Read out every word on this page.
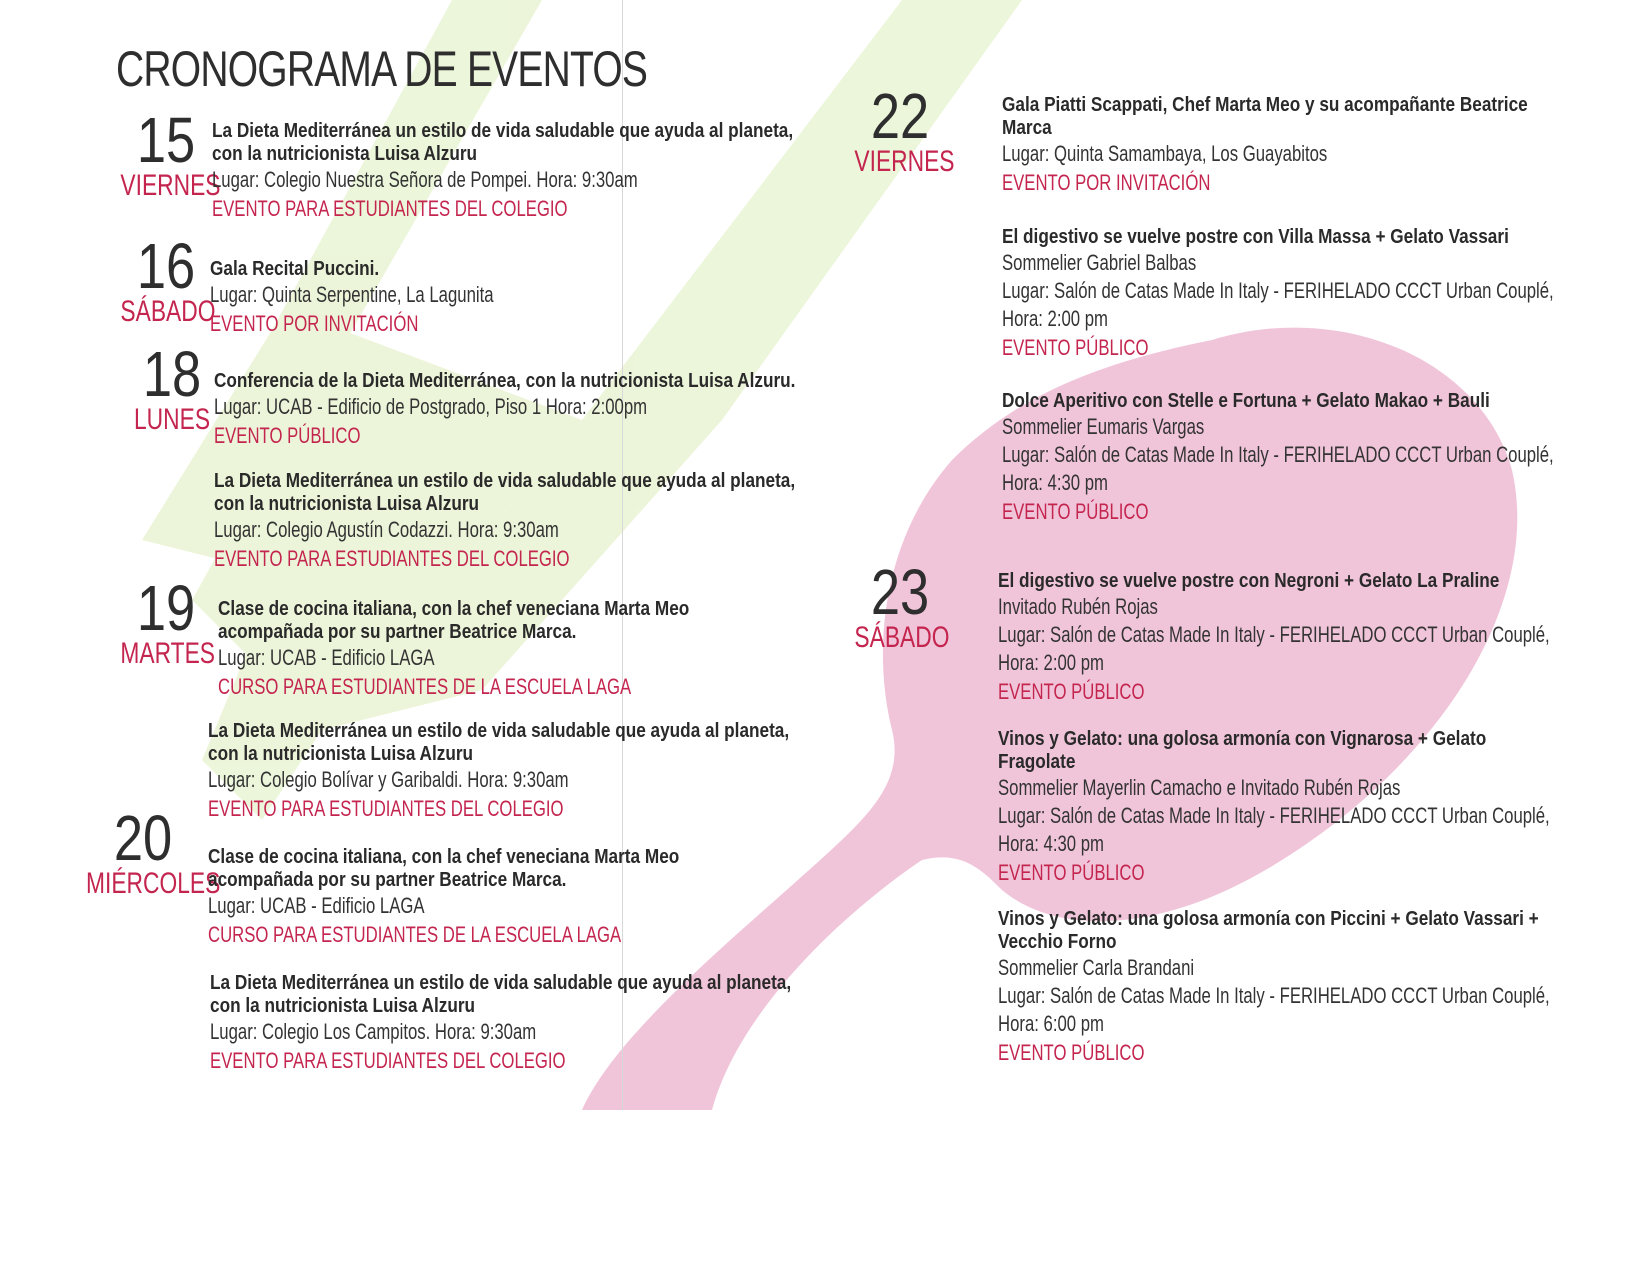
CRONOGRAMA DE EVENTOS
15
VIERNES
16
SÁBADO
18
LUNES
19
MARTES
20
MIÉRCOLES
22
VIERNES
23
SÁBADO
La Dieta Mediterránea un estilo de vida saludable que ayuda al planeta, con la nutricionista Luisa Alzuru
Lugar: Colegio Nuestra Señora de Pompei. Hora: 9:30am
EVENTO PARA ESTUDIANTES DEL COLEGIO
Gala Recital Puccini.
Lugar: Quinta Serpentine, La Lagunita
EVENTO POR INVITACIÓN
Conferencia de la Dieta Mediterránea, con la nutricionista Luisa Alzuru.
Lugar: UCAB - Edificio de Postgrado, Piso 1 Hora: 2:00pm
EVENTO PÚBLICO
La Dieta Mediterránea un estilo de vida saludable que ayuda al planeta, con la nutricionista Luisa Alzuru
Lugar: Colegio Agustín Codazzi. Hora: 9:30am
EVENTO PARA ESTUDIANTES DEL COLEGIO
Clase de cocina italiana, con la chef veneciana Marta Meo acompañada por su partner Beatrice Marca.
Lugar: UCAB - Edificio LAGA
CURSO PARA ESTUDIANTES DE LA ESCUELA LAGA
La Dieta Mediterránea un estilo de vida saludable que ayuda al planeta, con la nutricionista Luisa Alzuru
Lugar: Colegio Bolívar y Garibaldi. Hora: 9:30am
EVENTO PARA ESTUDIANTES DEL COLEGIO
Clase de cocina italiana, con la chef veneciana Marta Meo acompañada por su partner Beatrice Marca.
Lugar: UCAB - Edificio LAGA
CURSO PARA ESTUDIANTES DE LA ESCUELA LAGA
La Dieta Mediterránea un estilo de vida saludable que ayuda al planeta, con la nutricionista Luisa Alzuru
Lugar: Colegio Los Campitos. Hora: 9:30am
EVENTO PARA ESTUDIANTES DEL COLEGIO
Gala Piatti Scappati, Chef Marta Meo y su acompañante Beatrice Marca
Lugar: Quinta Samambaya, Los Guayabitos
EVENTO POR INVITACIÓN
El digestivo se vuelve postre con Villa Massa + Gelato Vassari
Sommelier Gabriel Balbas
Lugar: Salón de Catas Made In Italy - FERIHELADO CCCT Urban Couplé,
Hora: 2:00 pm
EVENTO PÚBLICO
Dolce Aperitivo con Stelle e Fortuna + Gelato Makao + Bauli
Sommelier Eumaris Vargas
Lugar: Salón de Catas Made In Italy - FERIHELADO CCCT Urban Couplé,
Hora: 4:30 pm
EVENTO PÚBLICO
El digestivo se vuelve postre con Negroni + Gelato La Praline
Invitado Rubén Rojas
Lugar: Salón de Catas Made In Italy - FERIHELADO CCCT Urban Couplé,
Hora: 2:00 pm
EVENTO PÚBLICO
Vinos y Gelato: una golosa armonía con Vignarosa + Gelato Fragolate
Sommelier Mayerlin Camacho e Invitado Rubén Rojas
Lugar: Salón de Catas Made In Italy - FERIHELADO CCCT Urban Couplé,
Hora: 4:30 pm
EVENTO PÚBLICO
Vinos y Gelato: una golosa armonía con Piccini + Gelato Vassari + Vecchio Forno
Sommelier Carla Brandani
Lugar: Salón de Catas Made In Italy - FERIHELADO CCCT Urban Couplé,
Hora: 6:00 pm
EVENTO PÚBLICO
